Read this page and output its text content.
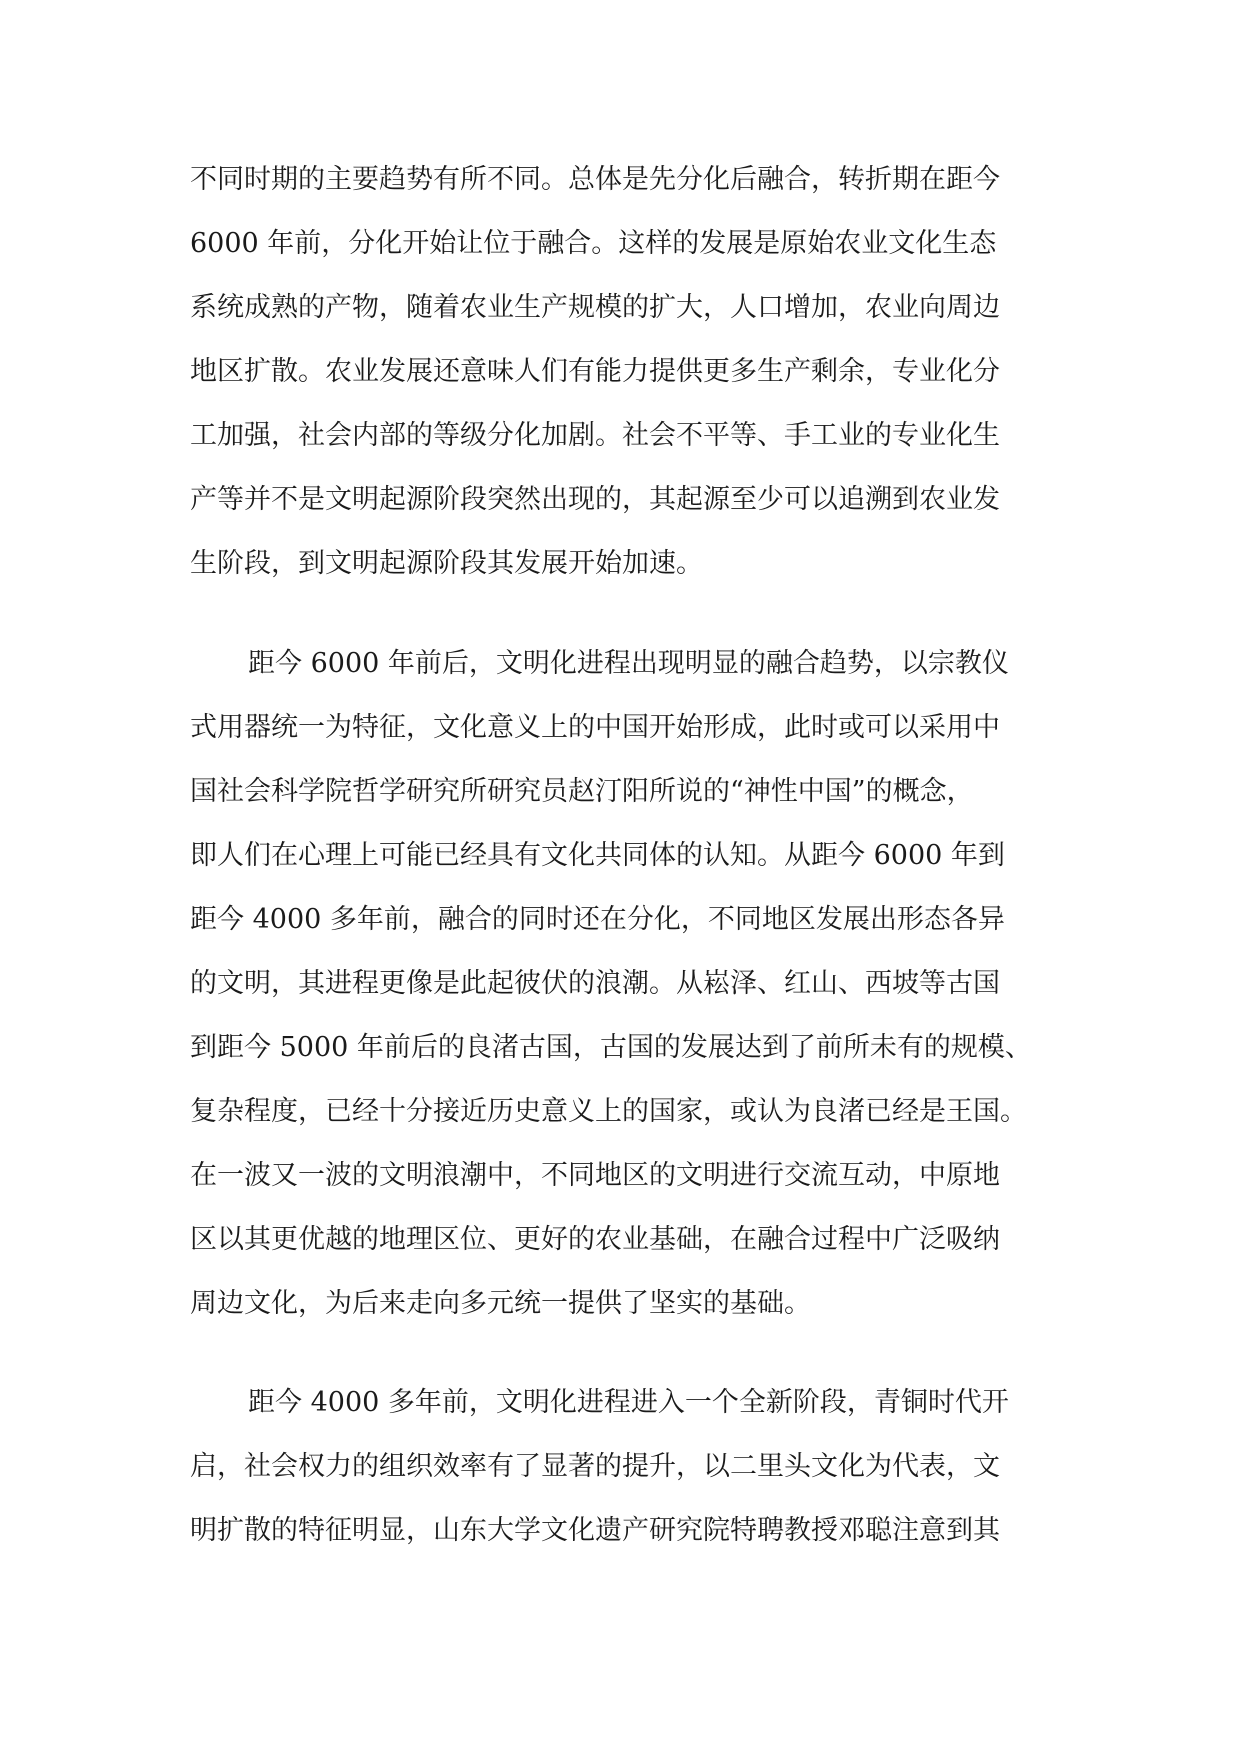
不同时期的主要趋势有所不同。总体是先分化后融合，转折期在距今
6000 年前，分化开始让位于融合。这样的发展是原始农业文化生态
系统成熟的产物，随着农业生产规模的扩大，人口增加，农业向周边
地区扩散。农业发展还意味人们有能力提供更多生产剩余，专业化分
工加强，社会内部的等级分化加剧。社会不平等、手工业的专业化生
产等并不是文明起源阶段突然出现的，其起源至少可以追溯到农业发
生阶段，到文明起源阶段其发展开始加速。
距今 6000 年前后，文明化进程出现明显的融合趋势，以宗教仪
式用器统一为特征，文化意义上的中国开始形成，此时或可以采用中
国社会科学院哲学研究所研究员赵汀阳所说的“神性中国”的概念，
即人们在心理上可能已经具有文化共同体的认知。从距今 6000 年到
距今 4000 多年前，融合的同时还在分化，不同地区发展出形态各异
的文明，其进程更像是此起彼伏的浪潮。从崧泽、红山、西坡等古国
到距今 5000 年前后的良渚古国，古国的发展达到了前所未有的规模、
复杂程度，已经十分接近历史意义上的国家，或认为良渚已经是王国。
在一波又一波的文明浪潮中，不同地区的文明进行交流互动，中原地
区以其更优越的地理区位、更好的农业基础，在融合过程中广泛吸纳
周边文化，为后来走向多元统一提供了坚实的基础。
距今 4000 多年前，文明化进程进入一个全新阶段，青铜时代开
启，社会权力的组织效率有了显著的提升，以二里头文化为代表，文
明扩散的特征明显，山东大学文化遗产研究院特聘教授邓聪注意到其
